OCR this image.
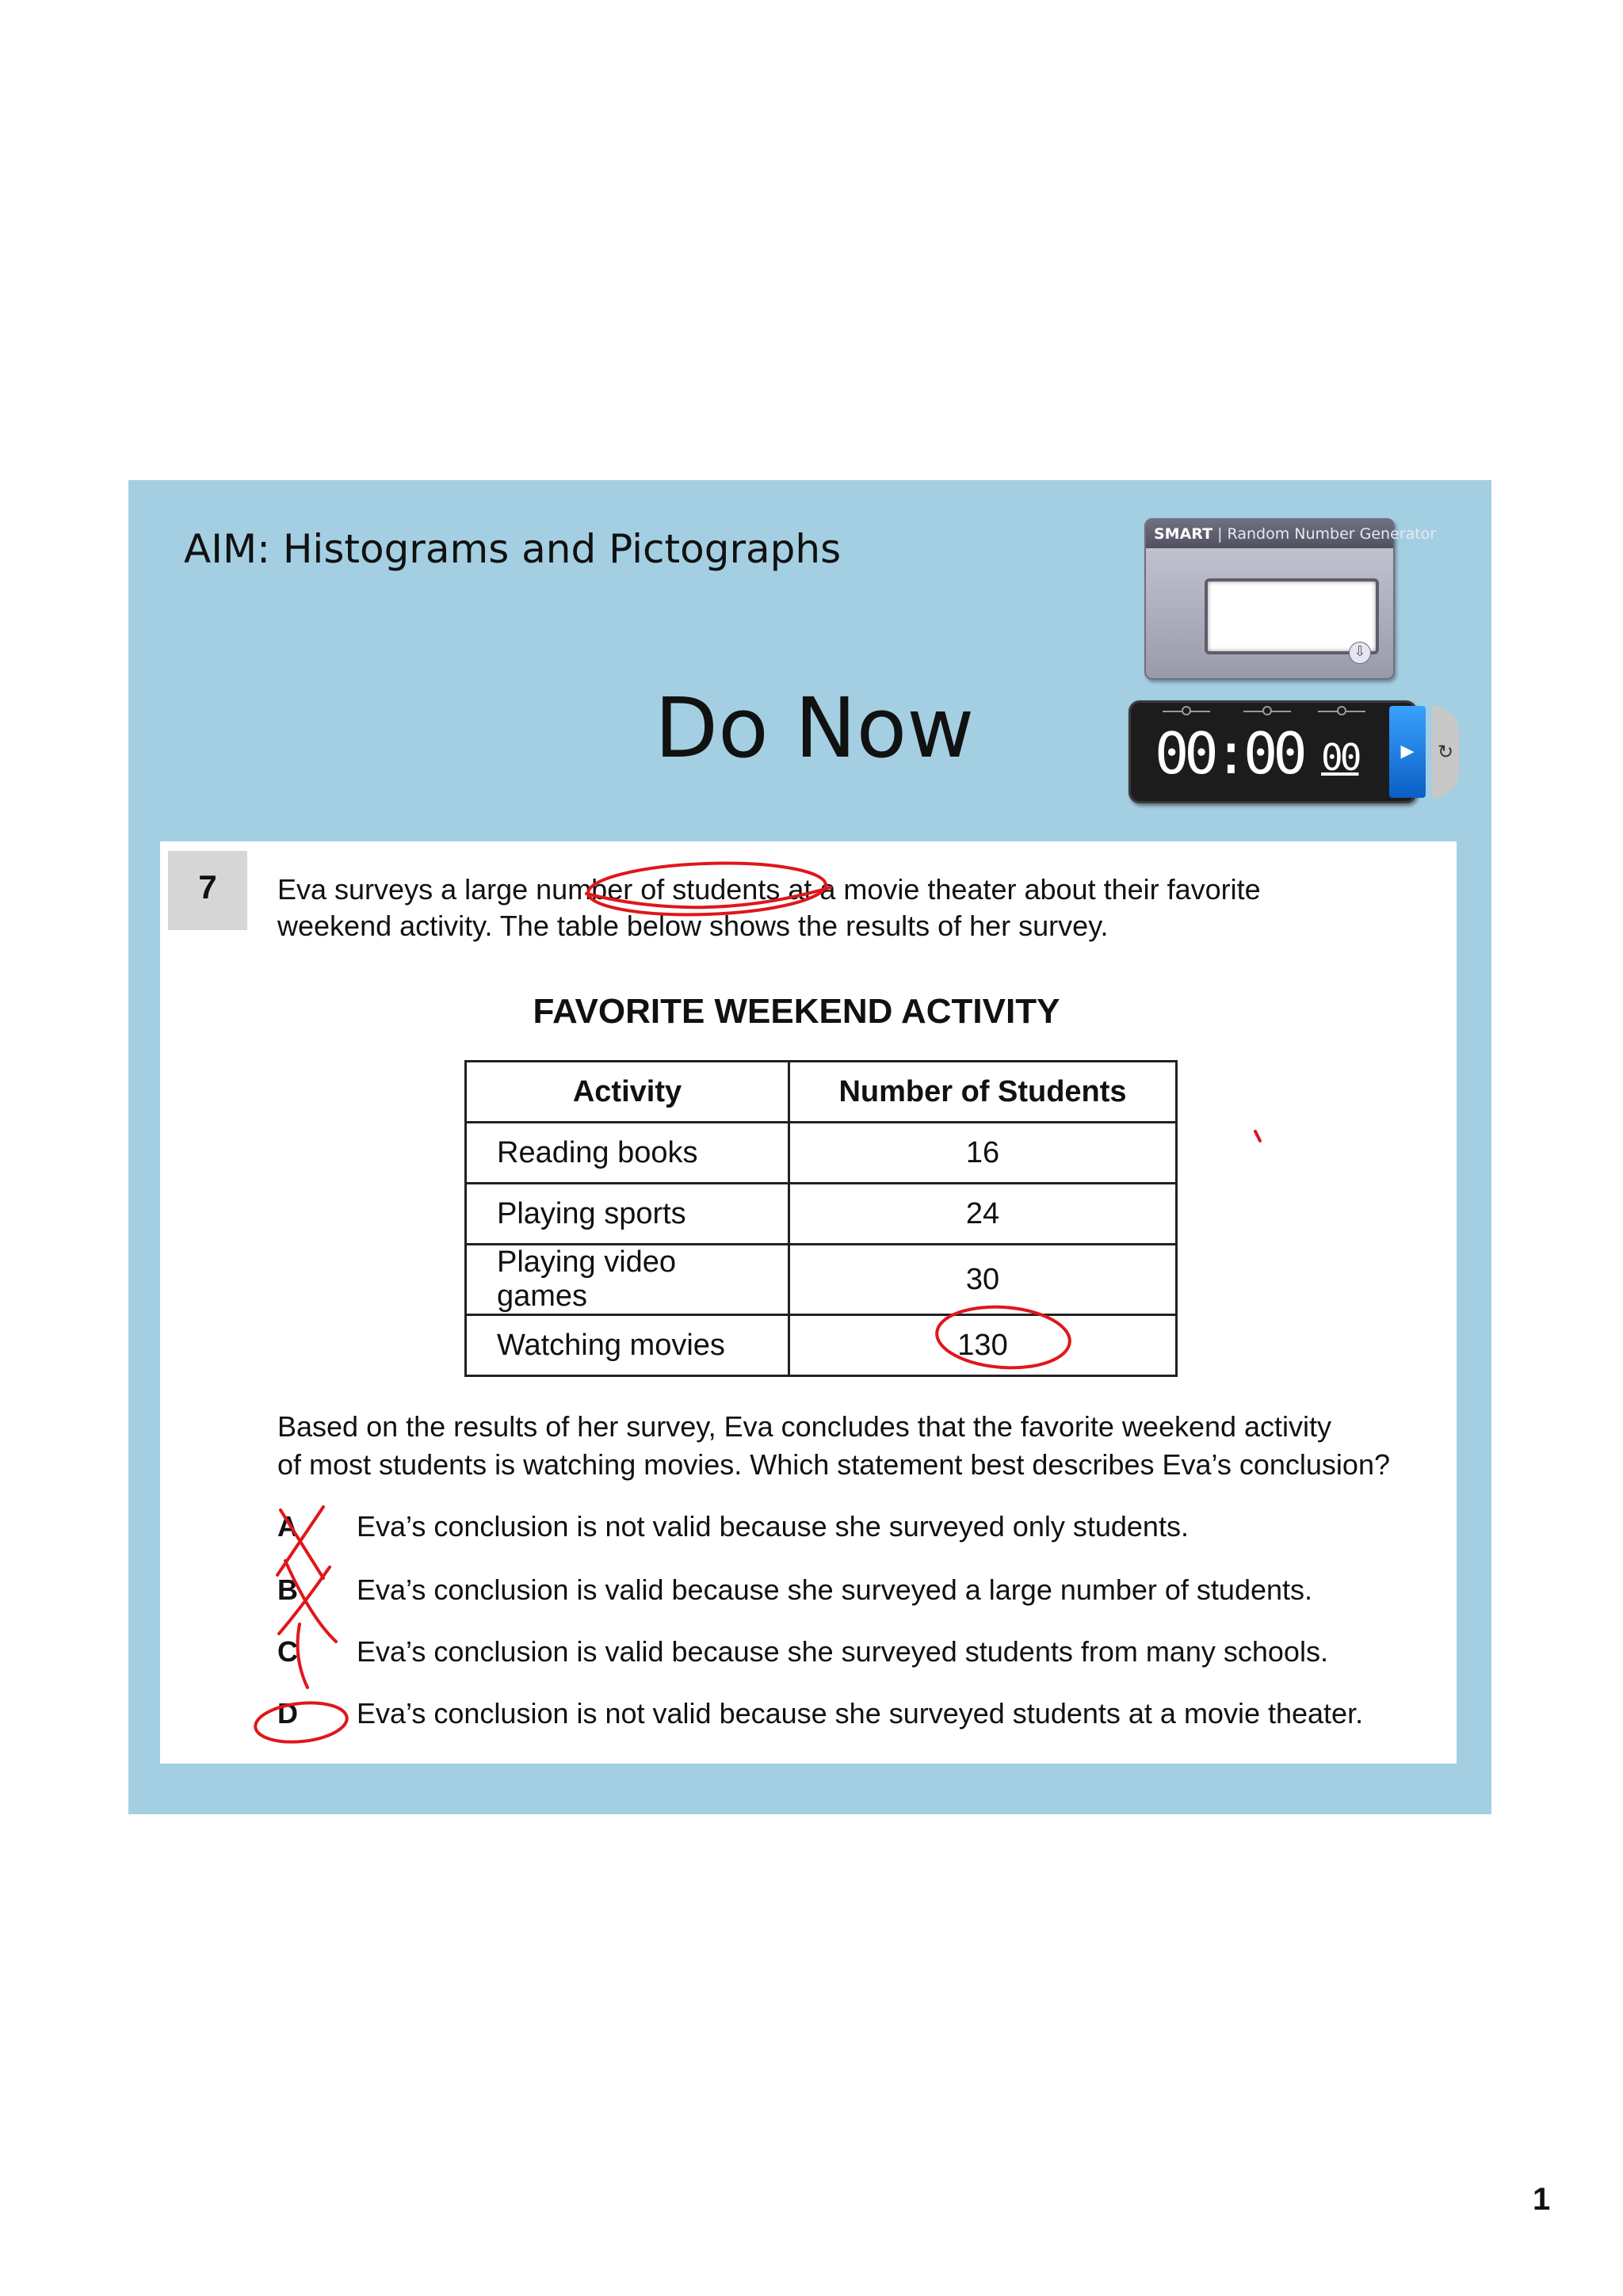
AIM: Histograms and Pictographs
Do Now
SMART | Random Number Generator
⇩
00:00 00	▶	↻
7	Eva surveys a large number of students at a movie theater about their favorite
weekend activity. The table below shows the results of her survey.
FAVORITE WEEKEND ACTIVITY
Activity	Number of Students
Reading books	16
Playing sports	24
Playing video games	30
Watching movies	130
Based on the results of her survey, Eva concludes that the favorite weekend activity
of most students is watching movies. Which statement best describes Eva’s conclusion?
A	Eva’s conclusion is not valid because she surveyed only students.
B	Eva’s conclusion is valid because she surveyed a large number of students.
C	Eva’s conclusion is valid because she surveyed students from many schools.
D	Eva’s conclusion is not valid because she surveyed students at a movie theater.
1
